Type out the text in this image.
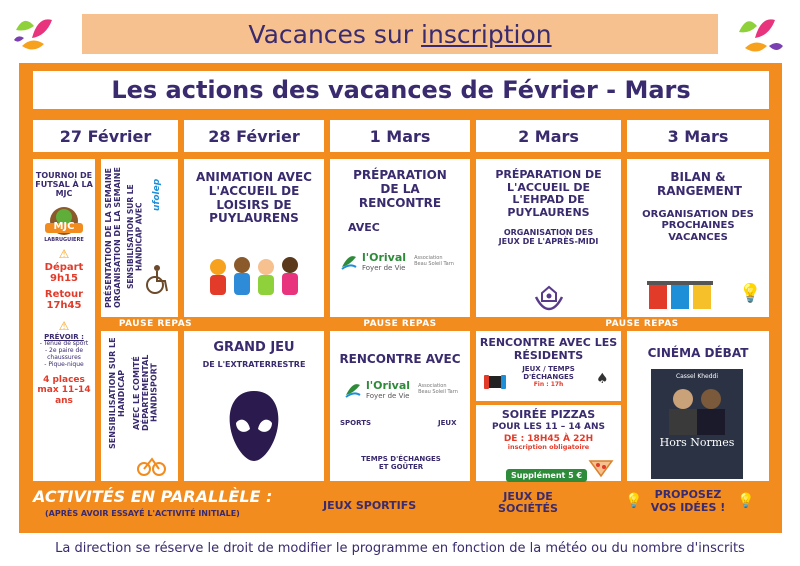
Vacances sur inscription
Les actions des vacances de Février - Mars
27 Février	28 Février	1 Mars	2 Mars	3 Mars
TOURNOI DE FUTSAL À LA MJC
MJC
LABRUGUIERE
⚠
Départ
9h15
Retour
17h45
⚠
PRÉVOIR :
- Tenue de sport
- 2e paire de chaussures
- Pique-nique
4 places max 11-14 ans
PRÉSENTATION DE LA SEMAINE ORGANISATION DE LA SEMAINE SENSIBILISATION SUR LE HANDICAP AVEC
ufolep
PAUSE REPAS
SENSIBILISATION SUR LE HANDICAP AVEC LE COMITÉ DÉPARTEMENTAL HANDISPORT
ANIMATION AVEC L'ACCUEIL DE LOISIRS DE PUYLAURENS
GRAND JEU
DE L'EXTRATERRESTRE
PRÉPARATION DE LA RENCONTRE
AVEC
l'Orival
Foyer de Vie
Association Beau Soleil Tarn
PAUSE REPAS
RENCONTRE AVEC
l'Orival
Foyer de Vie
Association Beau Soleil Tarn
SPORTS	JEUX
TEMPS D'ÉCHANGES ET GOÛTER
PRÉPARATION DE L'ACCUEIL DE L'EHPAD DE PUYLAURENS
ORGANISATION DES JEUX DE L'APRÈS-MIDI
PAUSE REPAS
RENCONTRE AVEC LES RÉSIDENTS
JEUX / TEMPS D'ÉCHANGES
Fin : 17h	♠
SOIRÉE PIZZAS
POUR LES 11 – 14 ANS
DE : 18H45 À 22H
inscription obligatoire
Supplément 5 €
BILAN & RANGEMENT
ORGANISATION DES PROCHAINES VACANCES
💡
CINÉMA DÉBAT
Cassel Kheddi
Hors Normes
ACTIVITÉS EN PARALLÈLE :
(APRÈS AVOIR ESSAYÉ L'ACTIVITÉ INITIALE)
JEUX SPORTIFS
JEUX DE SOCIÉTÉS	💡	PROPOSEZ VOS IDÉES ! 💡
La direction se réserve le droit de modifier le programme en fonction de la météo ou du nombre d'inscrits
